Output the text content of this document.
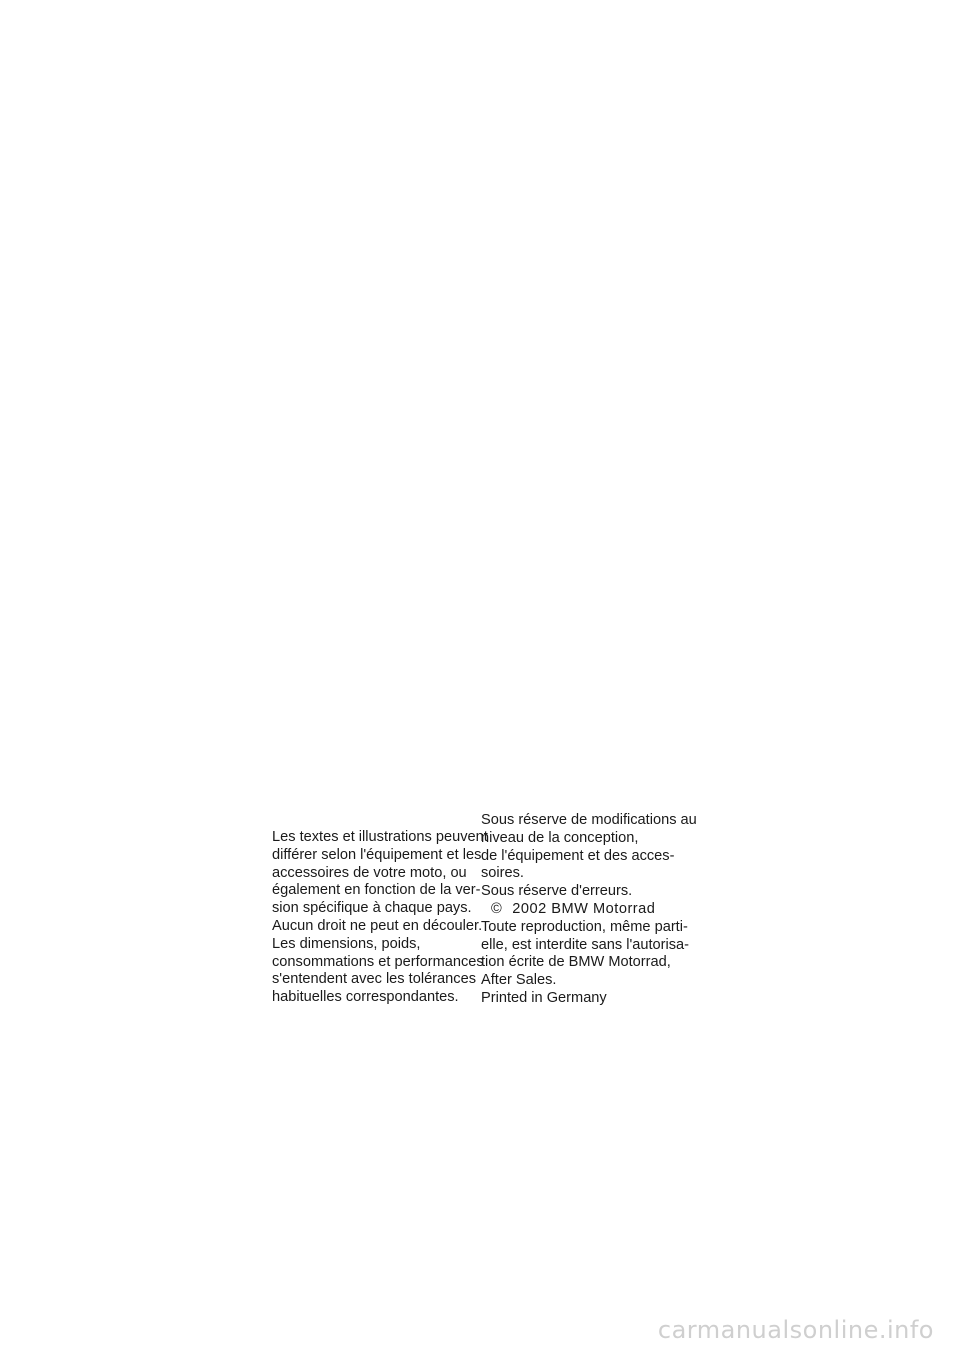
Les textes et illustrations peuvent
différer selon l'équipement et les
accessoires de votre moto, ou
également en fonction de la ver-
sion spécifique à chaque pays.
Aucun droit ne peut en découler.
Les dimensions, poids,
consommations et performances
s'entendent avec les tolérances
habituelles correspondantes.
Sous réserve de modifications au
niveau de la conception,
de l'équipement et des acces-
soires.
Sous réserve d'erreurs.
© 2002 BMW Motorrad
Toute reproduction, même parti-
elle, est interdite sans l'autorisa-
tion écrite de BMW Motorrad,
After Sales.
Printed in Germany
carmanualsonline.info
